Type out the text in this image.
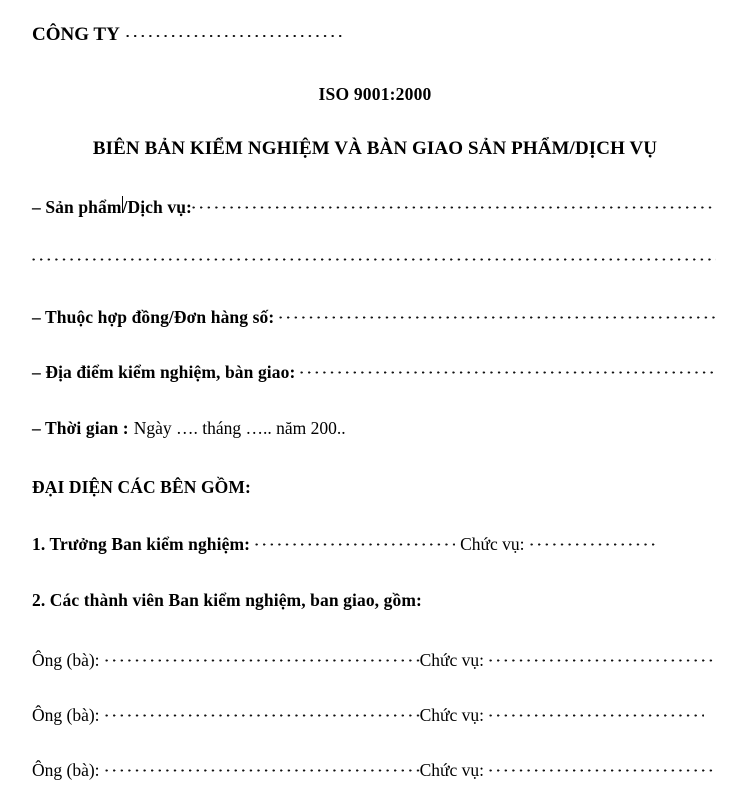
CÔNG TY
ISO 9001:2000
BIÊN BẢN KIỂM NGHIỆM VÀ BÀN GIAO SẢN PHẨM/DỊCH VỤ
– Sản phẩm /Dịch vụ:
– Thuộc hợp đồng/Đơn hàng số:
– Địa điểm kiểm nghiệm, bàn giao:
– Thời gian : Ngày …. tháng ….. năm 200..
ĐẠI DIỆN CÁC BÊN GỒM:
1. Trưởng Ban kiểm nghiệm:	Chức vụ:
2. Các thành viên Ban kiểm nghiệm, ban giao, gồm:
Ông (bà):	Chức vụ:
Ông (bà):	Chức vụ:
Ông (bà):	Chức vụ:
